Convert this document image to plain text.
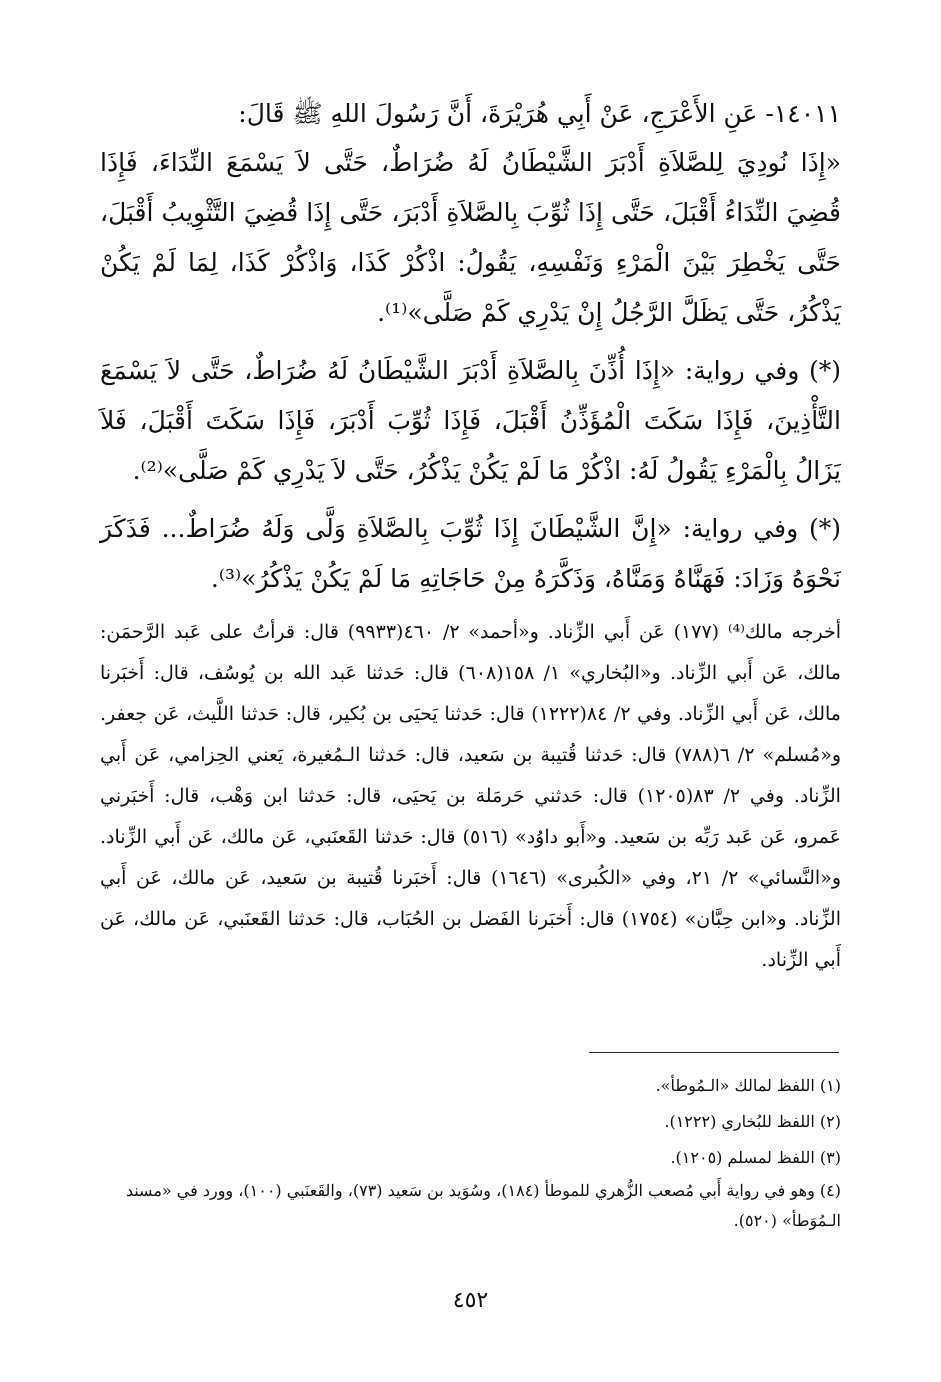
١٤٠١١- عَنِ الأَعْرَجِ، عَنْ أَبِي هُرَيْرَةَ، أَنَّ رَسُولَ اللهِ ﷺ قَالَ:

«إِذَا نُودِيَ لِلصَّلاَةِ أَدْبَرَ الشَّيْطَانُ لَهُ ضُرَاطٌ، حَتَّى لاَ يَسْمَعَ النِّدَاءَ، فَإِذَا قُضِيَ النِّدَاءُ أَقْبَلَ، حَتَّى إِذَا ثُوِّبَ بِالصَّلاَةِ أَدْبَرَ، حَتَّى إِذَا قُضِيَ التَّثْوِيبُ أَقْبَلَ، حَتَّى يَخْطِرَ بَيْنَ الْمَرْءِ وَنَفْسِهِ، يَقُولُ: اذْكُرْ كَذَا، وَاذْكُرْ كَذَا، لِمَا لَمْ يَكُنْ يَذْكُرُ، حَتَّى يَظَلَّ الرَّجُلُ إِنْ يَدْرِي كَمْ صَلَّى»⁽¹⁾.

(*) وفي رواية: «إِذَا أُذِّنَ بِالصَّلاَةِ أَدْبَرَ الشَّيْطَانُ لَهُ ضُرَاطٌ، حَتَّى لاَ يَسْمَعَ التَّأْذِينَ، فَإِذَا سَكَتَ الْمُؤَذِّنُ أَقْبَلَ، فَإِذَا ثُوِّبَ أَدْبَرَ، فَإِذَا سَكَتَ أَقْبَلَ، فَلاَ يَزَالُ بِالْمَرْءِ يَقُولُ لَهُ: اذْكُرْ مَا لَمْ يَكُنْ يَذْكُرُ، حَتَّى لاَ يَدْرِي كَمْ صَلَّى»⁽²⁾.

(*) وفي رواية: «إِنَّ الشَّيْطَانَ إِذَا ثُوِّبَ بِالصَّلاَةِ وَلَّى وَلَهُ ضُرَاطٌ... فَذَكَرَ نَحْوَهُ وَزَادَ: فَهَنَّاهُ وَمَنَّاهُ، وَذَكَّرَهُ مِنْ حَاجَاتِهِ مَا لَمْ يَكُنْ يَذْكُرُ»⁽³⁾.

أخرجه مالك⁽⁴⁾ (١٧٧) عَن أَبي الزِّناد. و«أحمد» ٢/ ٤٦٠(٩٩٣٣) قال: قرأتُ على عَبد الرَّحمَن: مالك، عَن أَبي الزِّناد. و«البُخاري» ١/ ١٥٨(٦٠٨) قال: حَدثنا عَبد الله بن يُوسُف، قال: أَخبَرنا مالك، عَن أَبي الزِّناد. وفي ٢/ ٨٤(١٢٢٢) قال: حَدثنا يَحيَى بن بُكير، قال: حَدثنا اللَّيث، عَن جعفر. و«مُسلم» ٢/ ٦(٧٨٨) قال: حَدثنا قُتيبة بن سَعيد، قال: حَدثنا الـمُغيرة، يَعني الحِزامي، عَن أَبي الزِّناد. وفي ٢/ ٨٣(١٢٠٥) قال: حَدثني حَرمَلة بن يَحيَى، قال: حَدثنا ابن وَهْب، قال: أَخبَرني عَمرو، عَن عَبد رَبِّه بن سَعيد. و«أَبو داوُد» (٥١٦) قال: حَدثنا القَعنَبي، عَن مالك، عَن أَبي الزِّناد. و«النَّسائي» ٢/ ٢١، وفي «الكُبرى» (١٦٤٦) قال: أَخبَرنا قُتيبة بن سَعيد، عَن مالك، عَن أَبي الزِّناد. و«ابن حِبَّان» (١٧٥٤) قال: أَخبَرنا الفَضل بن الحُبَاب، قال: حَدثنا القَعنَبي، عَن مالك، عَن أَبي الزِّناد.

(١) اللفظ لمالك «الـمُوطأ».

(٢) اللفظ للبُخاري (١٢٢٢).

(٣) اللفظ لمسلم (١٢٠٥).

(٤) وهو في رواية أَبي مُصعب الزُّهري للموطأ (١٨٤)، وسُوَيد بن سَعيد (٧٣)، والقَعنَبي (١٠٠)، وورد في «مسند الـمُوَطأ» (٥٢٠).

٤٥٢
